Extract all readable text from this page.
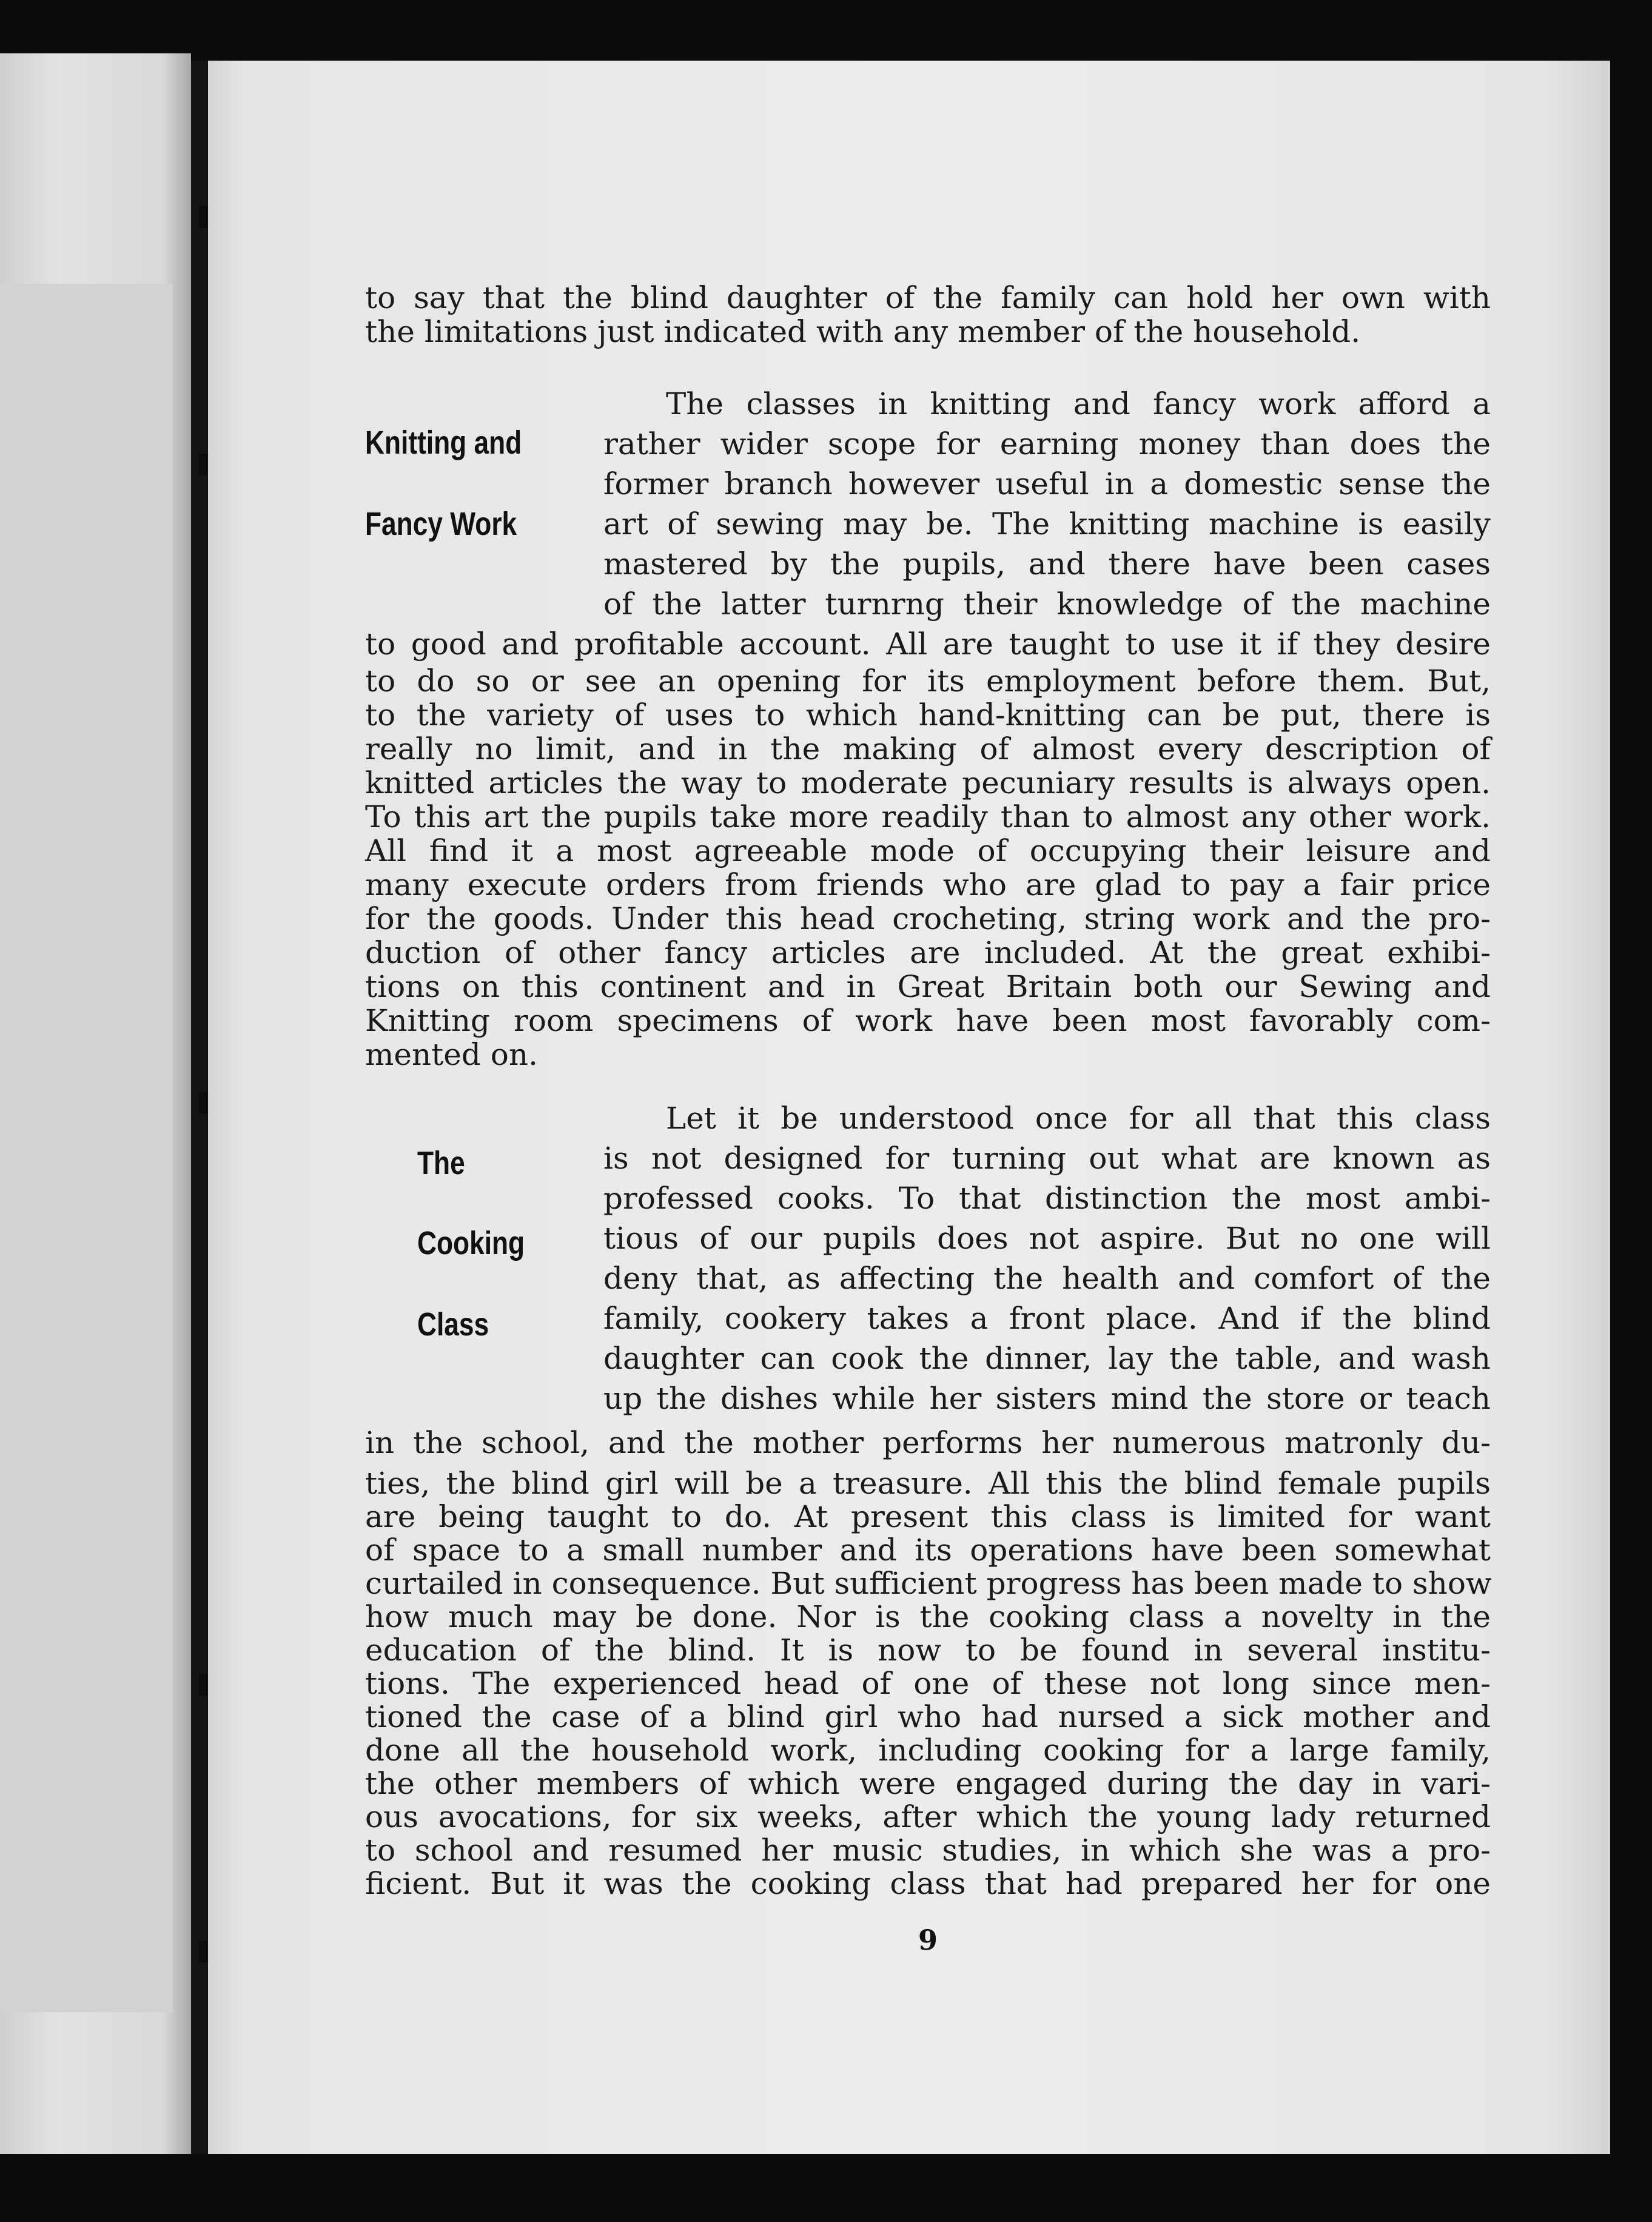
to say that the blind daughter of the family can hold her own with
the limitations just indicated with any member of the household.
Knitting and
Fancy Work
The classes in knitting and fancy work afford a
rather wider scope for earning money than does the
former branch however useful in a domestic sense the
art of sewing may be. The knitting machine is easily
mastered by the pupils, and there have been cases
of the latter turnrng their knowledge of the machine
to good and profitable account. All are taught to use it if they desire
to do so or see an opening for its employment before them. But,
to the variety of uses to which hand-knitting can be put, there is
really no limit, and in the making of almost every description of
knitted articles the way to moderate pecuniary results is always open.
To this art the pupils take more readily than to almost any other work.
All find it a most agreeable mode of occupying their leisure and
many execute orders from friends who are glad to pay a fair price
for the goods. Under this head crocheting, string work and the pro-
duction of other fancy articles are included. At the great exhibi-
tions on this continent and in Great Britain both our Sewing and
Knitting room specimens of work have been most favorably com-
mented on.
The
Cooking
Class
Let it be understood once for all that this class
is not designed for turning out what are known as
professed cooks. To that distinction the most ambi-
tious of our pupils does not aspire. But no one will
deny that, as affecting the health and comfort of the
family, cookery takes a front place. And if the blind
daughter can cook the dinner, lay the table, and wash
up the dishes while her sisters mind the store or teach
in the school, and the mother performs her numerous matronly du-
ties, the blind girl will be a treasure. All this the blind female pupils
are being taught to do. At present this class is limited for want
of space to a small number and its operations have been somewhat
curtailed in consequence. But sufficient progress has been made to show
how much may be done. Nor is the cooking class a novelty in the
education of the blind. It is now to be found in several institu-
tions. The experienced head of one of these not long since men-
tioned the case of a blind girl who had nursed a sick mother and
done all the household work, including cooking for a large family,
the other members of which were engaged during the day in vari-
ous avocations, for six weeks, after which the young lady returned
to school and resumed her music studies, in which she was a pro-
ficient. But it was the cooking class that had prepared her for one
9
